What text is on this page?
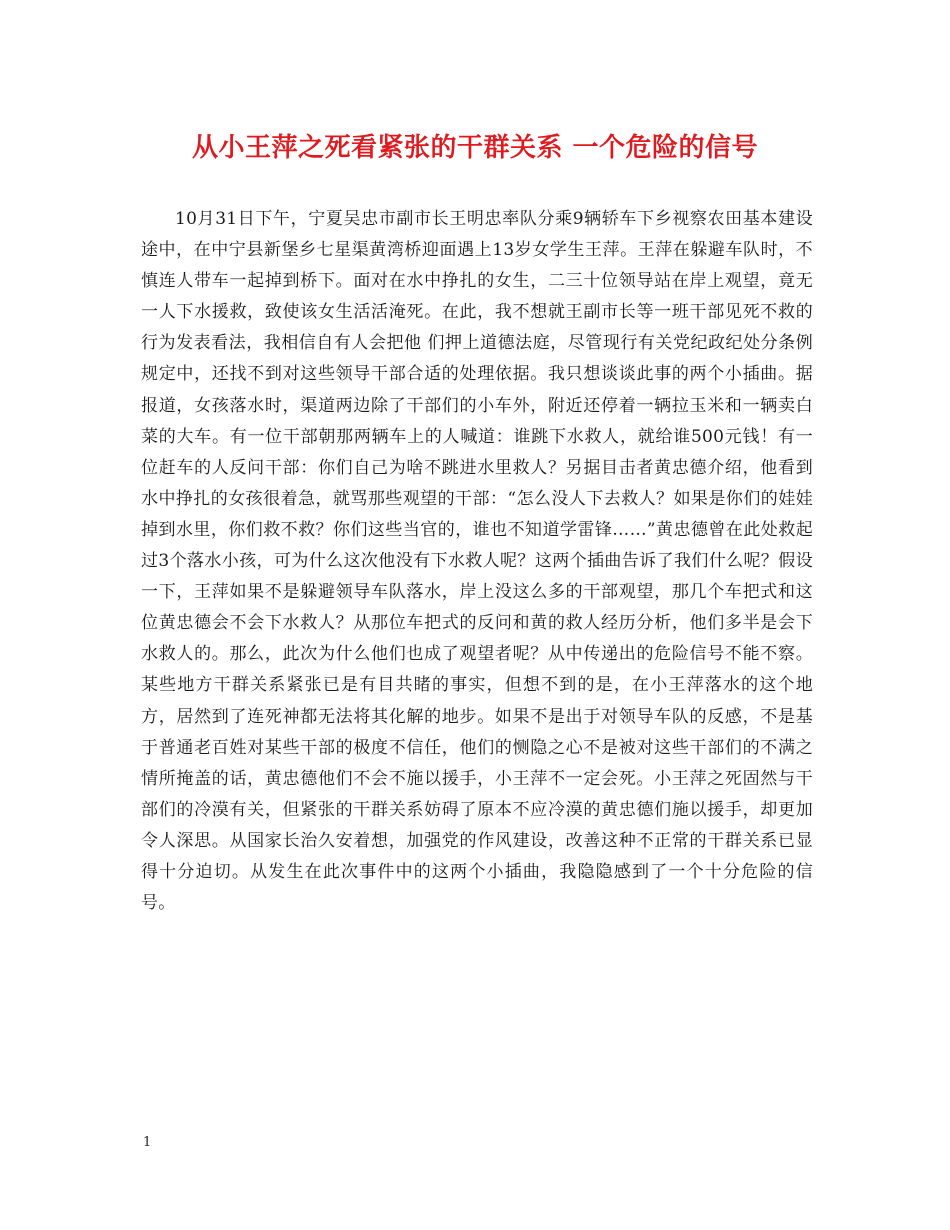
从小王萍之死看紧张的干群关系 一个危险的信号

10月31日下午，宁夏吴忠市副市长王明忠率队分乘9辆轿车下乡视察农田基本建设途中，在中宁县新堡乡七星渠黄湾桥迎面遇上13岁女学生王萍。王萍在躲避车队时，不慎连人带车一起掉到桥下。面对在水中挣扎的女生，二三十位领导站在岸上观望，竟无一人下水援救，致使该女生活活淹死。在此，我不想就王副市长等一班干部见死不救的行为发表看法，我相信自有人会把他 们押上道德法庭，尽管现行有关党纪政纪处分条例规定中，还找不到对这些领导干部合适的处理依据。我只想谈谈此事的两个小插曲。据报道，女孩落水时，渠道两边除了干部们的小车外，附近还停着一辆拉玉米和一辆卖白菜的大车。有一位干部朝那两辆车上的人喊道：谁跳下水救人，就给谁500元钱！有一位赶车的人反问干部：你们自己为啥不跳进水里救人？另据目击者黄忠德介绍，他看到水中挣扎的女孩很着急，就骂那些观望的干部：“怎么没人下去救人？如果是你们的娃娃掉到水里，你们救不救？你们这些当官的，谁也不知道学雷锋……”黄忠德曾在此处救起过3个落水小孩，可为什么这次他没有下水救人呢？这两个插曲告诉了我们什么呢？假设一下，王萍如果不是躲避领导车队落水，岸上没这么多的干部观望，那几个车把式和这位黄忠德会不会下水救人？从那位车把式的反问和黄的救人经历分析，他们多半是会下水救人的。那么，此次为什么他们也成了观望者呢？从中传递出的危险信号不能不察。某些地方干群关系紧张已是有目共睹的事实，但想不到的是，在小王萍落水的这个地方，居然到了连死神都无法将其化解的地步。如果不是出于对领导车队的反感，不是基于普通老百姓对某些干部的极度不信任，他们的恻隐之心不是被对这些干部们的不满之情所掩盖的话，黄忠德他们不会不施以援手，小王萍不一定会死。小王萍之死固然与干部们的冷漠有关，但紧张的干群关系妨碍了原本不应冷漠的黄忠德们施以援手，却更加令人深思。从国家长治久安着想，加强党的作风建设，改善这种不正常的干群关系已显得十分迫切。从发生在此次事件中的这两个小插曲，我隐隐感到了一个十分危险的信号。

1
